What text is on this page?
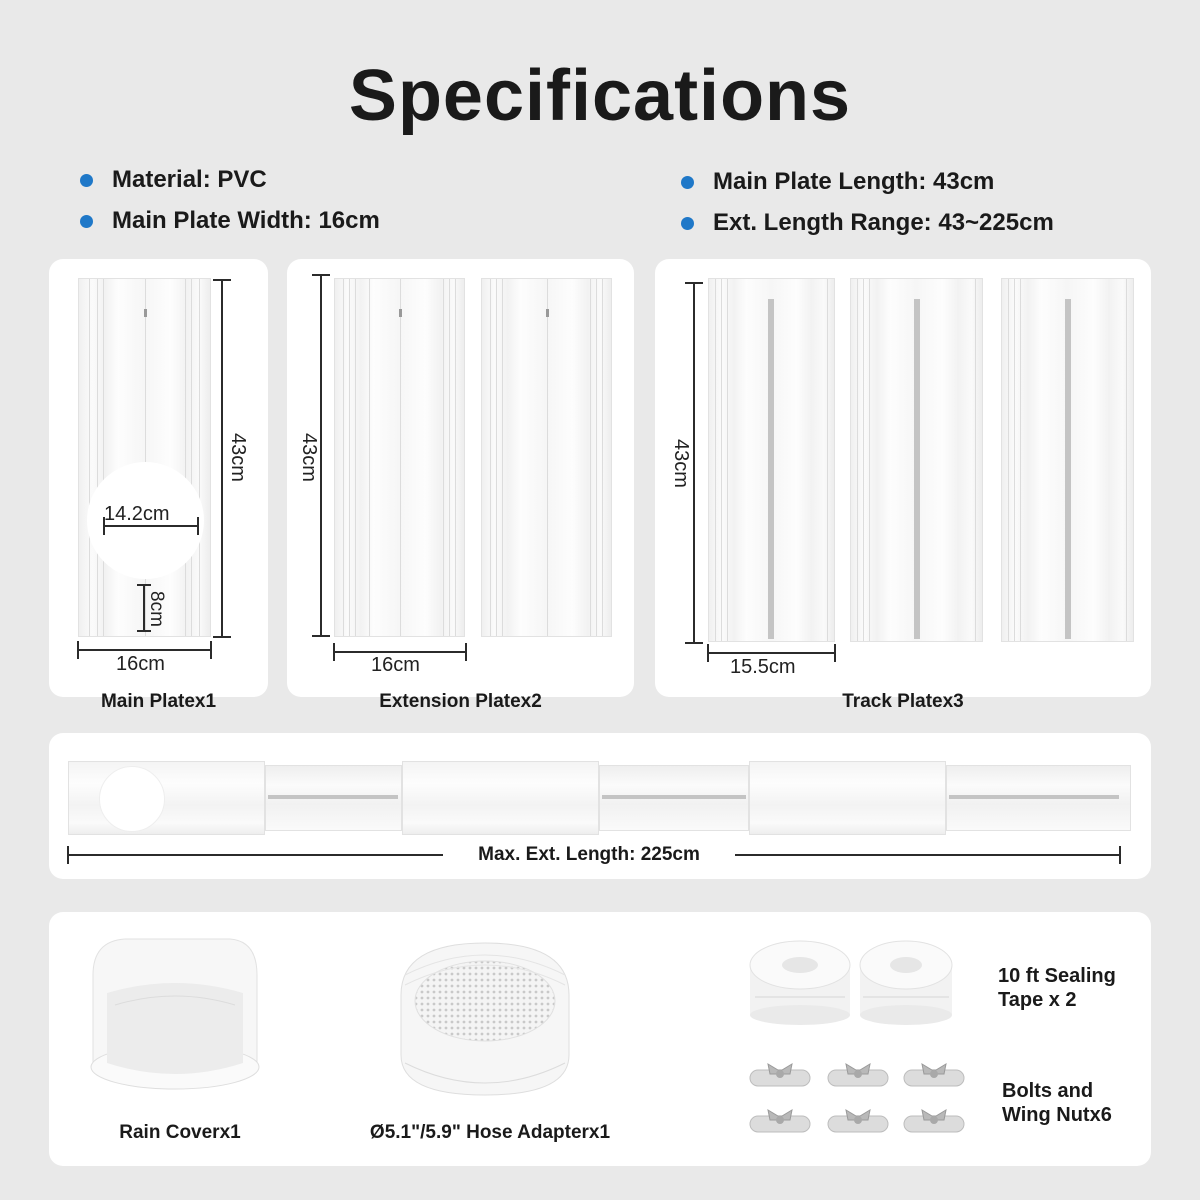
Specifications
Material: PVC
Main Plate Width: 16cm
Main Plate Length: 43cm
Ext. Length Range: 43~225cm
14.2cm
8cm
43cm
16cm
Main Platex1
43cm
16cm
Extension Platex2
43cm
15.5cm
Track Platex3
Max. Ext. Length: 225cm
Rain Coverx1	Ø5.1"/5.9" Hose Adapterx1
10 ft Sealing
Tape x 2
Bolts and
Wing Nutx6
